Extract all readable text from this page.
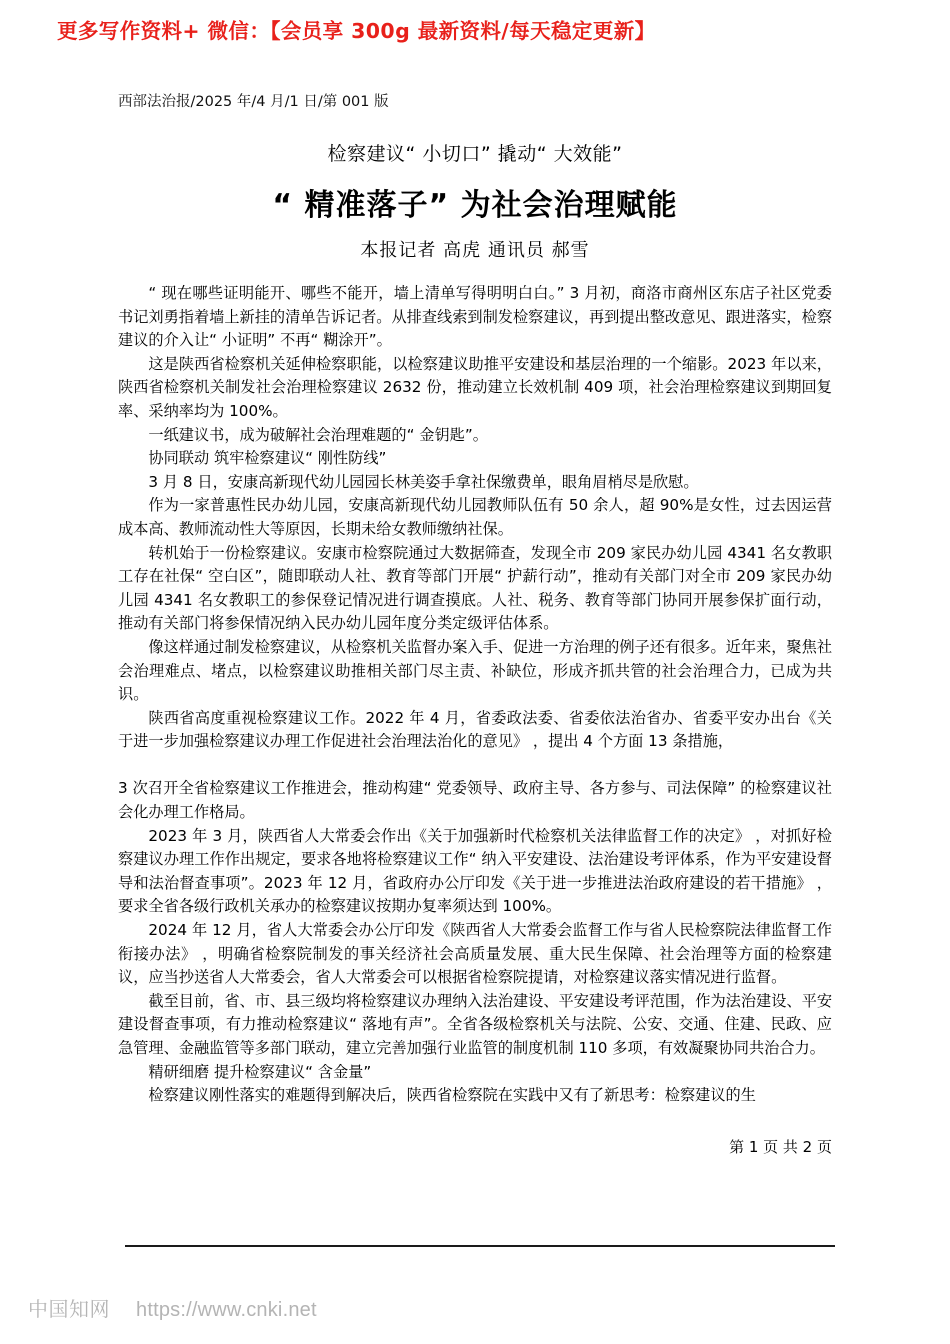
更多写作资料+ 微信：【会员享 300g 最新资料/每天稳定更新】
西部法治报/2025 年/4 月/1 日/第 001 版
检察建议“ 小切口” 撬动“ 大效能”
“ 精准落子” 为社会治理赋能
本报记者 高虎 通讯员 郝雪

“ 现在哪些证明能开、哪些不能开，墙上清单写得明明白白。” 3 月初，商洛市商州区东店子社区党委书记刘勇指着墙上新挂的清单告诉记者。从排查线索到制发检察建议，再到提出整改意见、跟进落实，检察建议的介入让“ 小证明” 不再“ 糊涂开”。

这是陕西省检察机关延伸检察职能，以检察建议助推平安建设和基层治理的一个缩影。2023 年以来，陕西省检察机关制发社会治理检察建议 2632 份，推动建立长效机制 409 项，社会治理检察建议到期回复率、采纳率均为 100%。

一纸建议书，成为破解社会治理难题的“ 金钥匙”。

协同联动 筑牢检察建议“ 刚性防线”

3 月 8 日，安康高新现代幼儿园园长林美姿手拿社保缴费单，眼角眉梢尽是欣慰。

作为一家普惠性民办幼儿园，安康高新现代幼儿园教师队伍有 50 余人，超 90%是女性，过去因运营成本高、教师流动性大等原因，长期未给女教师缴纳社保。

转机始于一份检察建议。安康市检察院通过大数据筛查，发现全市 209 家民办幼儿园 4341 名女教职工存在社保“ 空白区”，随即联动人社、教育等部门开展“ 护薪行动”，推动有关部门对全市 209 家民办幼儿园 4341 名女教职工的参保登记情况进行调查摸底。人社、税务、教育等部门协同开展参保扩面行动，推动有关部门将参保情况纳入民办幼儿园年度分类定级评估体系。

像这样通过制发检察建议，从检察机关监督办案入手、促进一方治理的例子还有很多。近年来，聚焦社会治理难点、堵点，以检察建议助推相关部门尽主责、补缺位，形成齐抓共管的社会治理合力，已成为共识。

陕西省高度重视检察建议工作。2022 年 4 月，省委政法委、省委依法治省办、省委平安办出台《关于进一步加强检察建议办理工作促进社会治理法治化的意见》 ，提出 4 个方面 13 条措施，

3 次召开全省检察建议工作推进会，推动构建“ 党委领导、政府主导、各方参与、司法保障” 的检察建议社会化办理工作格局。

2023 年 3 月，陕西省人大常委会作出《关于加强新时代检察机关法律监督工作的决定》 ，对抓好检察建议办理工作作出规定，要求各地将检察建议工作“ 纳入平安建设、法治建设考评体系，作为平安建设督导和法治督查事项”。2023 年 12 月，省政府办公厅印发《关于进一步推进法治政府建设的若干措施》 ，要求全省各级行政机关承办的检察建议按期办复率须达到 100%。

2024 年 12 月，省人大常委会办公厅印发《陕西省人大常委会监督工作与省人民检察院法律监督工作衔接办法》 ，明确省检察院制发的事关经济社会高质量发展、重大民生保障、社会治理等方面的检察建议，应当抄送省人大常委会，省人大常委会可以根据省检察院提请，对检察建议落实情况进行监督。

截至目前，省、市、县三级均将检察建议办理纳入法治建设、平安建设考评范围，作为法治建设、平安建设督查事项，有力推动检察建议“ 落地有声”。全省各级检察机关与法院、公安、交通、住建、民政、应急管理、金融监管等多部门联动，建立完善加强行业监管的制度机制 110 多项，有效凝聚协同共治合力。

精研细磨 提升检察建议“ 含金量”

检察建议刚性落实的难题得到解决后，陕西省检察院在实践中又有了新思考：检察建议的生

第 1 页 共 2 页
中国知网 https://www.cnki.net
